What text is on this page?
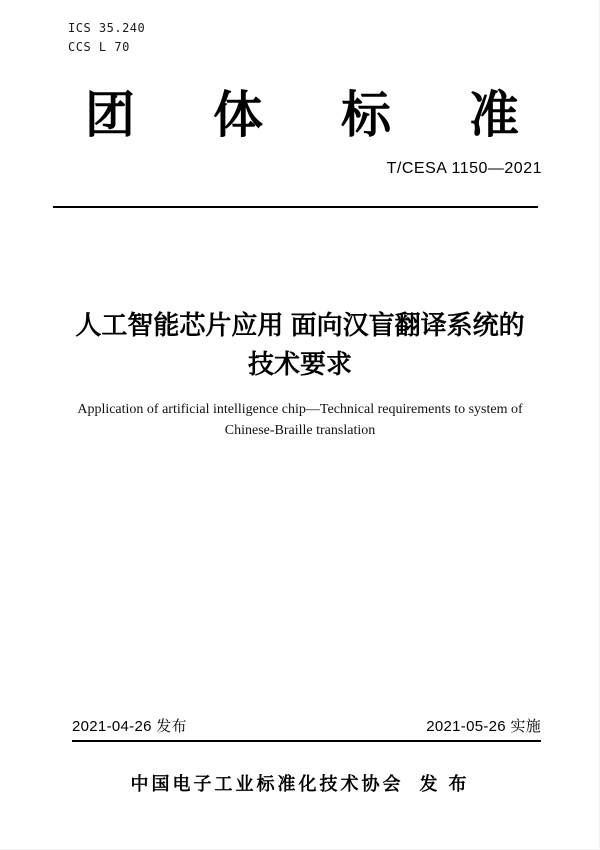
ICS 35.240
CCS L 70
团 体 标 准
T/CESA 1150—2021
人工智能芯片应用 面向汉盲翻译系统的
技术要求
Application of artificial intelligence chip—Technical requirements to system of
Chinese-Braille translation
2021-04-26 发布	2021-05-26 实施
中国电子工业标准化技术协会 发 布
